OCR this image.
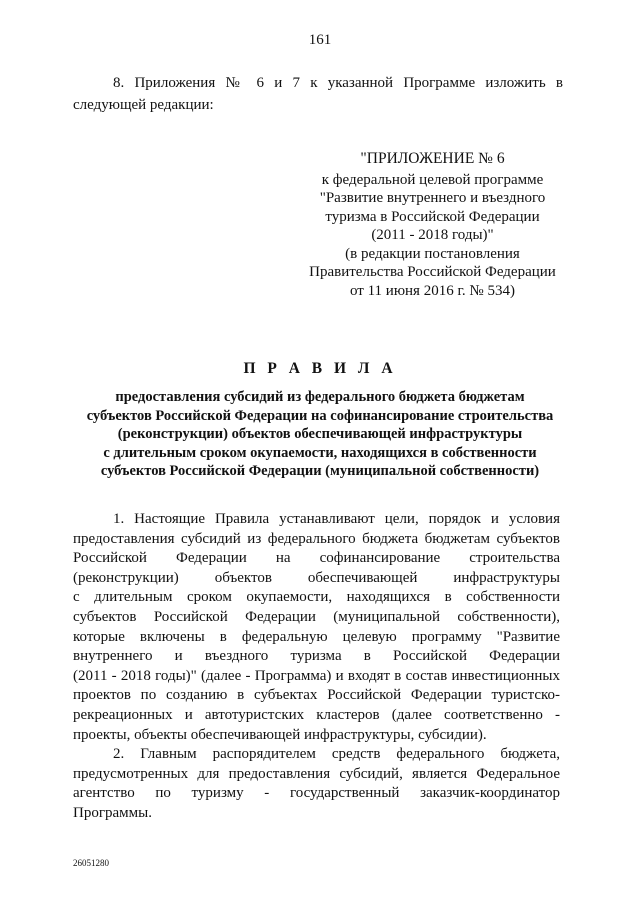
161
8. Приложения № 6 и 7 к указанной Программе изложить в следующей редакции:
"ПРИЛОЖЕНИЕ № 6
к федеральной целевой программе
"Развитие внутреннего и въездного
туризма в Российской Федерации
(2011 - 2018 годы)"
(в редакции постановления
Правительства Российской Федерации
от 11 июня 2016 г. № 534)
П Р А В И Л А
предоставления субсидий из федерального бюджета бюджетам
субъектов Российской Федерации на софинансирование строительства
(реконструкции) объектов обеспечивающей инфраструктуры
с длительным сроком окупаемости, находящихся в собственности
субъектов Российской Федерации (муниципальной собственности)
1. Настоящие Правила устанавливают цели, порядок и условия
предоставления субсидий из федерального бюджета бюджетам субъектов
Российской Федерации на софинансирование строительства
(реконструкции) объектов обеспечивающей инфраструктуры
с длительным сроком окупаемости, находящихся в собственности
субъектов Российской Федерации (муниципальной собственности),
которые включены в федеральную целевую программу "Развитие
внутреннего и въездного туризма в Российской Федерации
(2011 - 2018 годы)" (далее - Программа) и входят в состав инвестиционных
проектов по созданию в субъектах Российской Федерации туристско-
рекреационных и автотуристских кластеров (далее соответственно -
проекты, объекты обеспечивающей инфраструктуры, субсидии).
2. Главным распорядителем средств федерального бюджета,
предусмотренных для предоставления субсидий, является Федеральное
агентство по туризму - государственный заказчик-координатор
Программы.
26051280
